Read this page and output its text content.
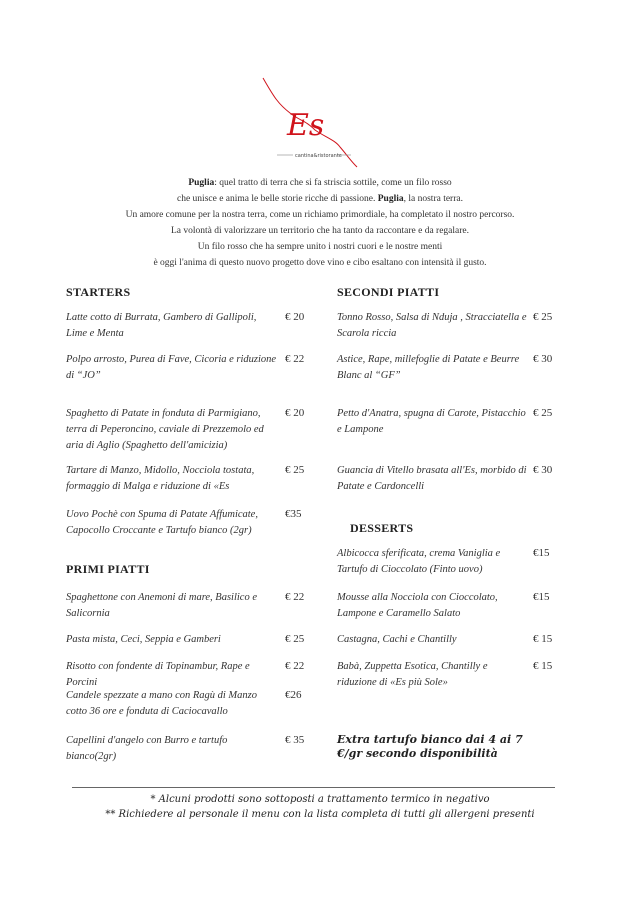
Es
cantina&ristorante
Puglia: quel tratto di terra che si fa striscia sottile, come un filo rosso
che unisce e anima le belle storie ricche di passione. Puglia, la nostra terra.
Un amore comune per la nostra terra, come un richiamo primordiale, ha completato il nostro percorso.
La volontà di valorizzare un territorio che ha tanto da raccontare e da regalare.
Un filo rosso che ha sempre unito i nostri cuori e le nostre menti
è oggi l'anima di questo nuovo progetto dove vino e cibo esaltano con intensità il gusto.
STARTERS
Latte cotto di Burrata, Gambero di Gallipoli, Lime e Menta
€ 20
Polpo arrosto, Purea di Fave, Cicoria e riduzione di “JO”
€ 22
Spaghetto di Patate in fonduta di Parmigiano, terra di Peperoncino, caviale di Prezzemolo ed aria di Aglio (Spaghetto dell'amicizia)
€ 20
Tartare di Manzo, Midollo, Nocciola tostata, formaggio di Malga e riduzione di «Es
€ 25
Uovo Pochè con Spuma di Patate Affumicate, Capocollo Croccante e Tartufo bianco (2gr)
€35
PRIMI PIATTI
Spaghettone con Anemoni di mare, Basilico e Salicornia
€ 22
Pasta mista, Ceci, Seppia e Gamberi	€ 25
Risotto con fondente di Topinambur, Rape e Porcini
€ 22
Candele spezzate a mano con Ragù di Manzo cotto 36 ore e fonduta di Caciocavallo
€26
Capellini d'angelo con Burro e tartufo bianco(2gr)
€ 35
SECONDI PIATTI
Tonno Rosso, Salsa di Nduja , Stracciatella e Scarola riccia
€ 25
Astice, Rape, millefoglie di Patate e Beurre Blanc al “GF”
€ 30
Petto d'Anatra, spugna di Carote, Pistacchio e Lampone
€ 25
Guancia di Vitello brasata all'Es, morbido di Patate e Cardoncelli
€ 30
DESSERTS
Albicocca sferificata, crema Vaniglia e Tartufo di Cioccolato (Finto uovo)
€15
Mousse alla Nocciola con Cioccolato, Lampone e Caramello Salato
€15
Castagna, Cachi e Chantilly	€ 15
Babà, Zuppetta Esotica, Chantilly e riduzione di «Es più Sole»
€ 15
Extra tartufo bianco dai 4 ai 7 €/gr secondo disponibilità
* Alcuni prodotti sono sottoposti a trattamento termico in negativo
** Richiedere al personale il menu con la lista completa di tutti gli allergeni presenti
